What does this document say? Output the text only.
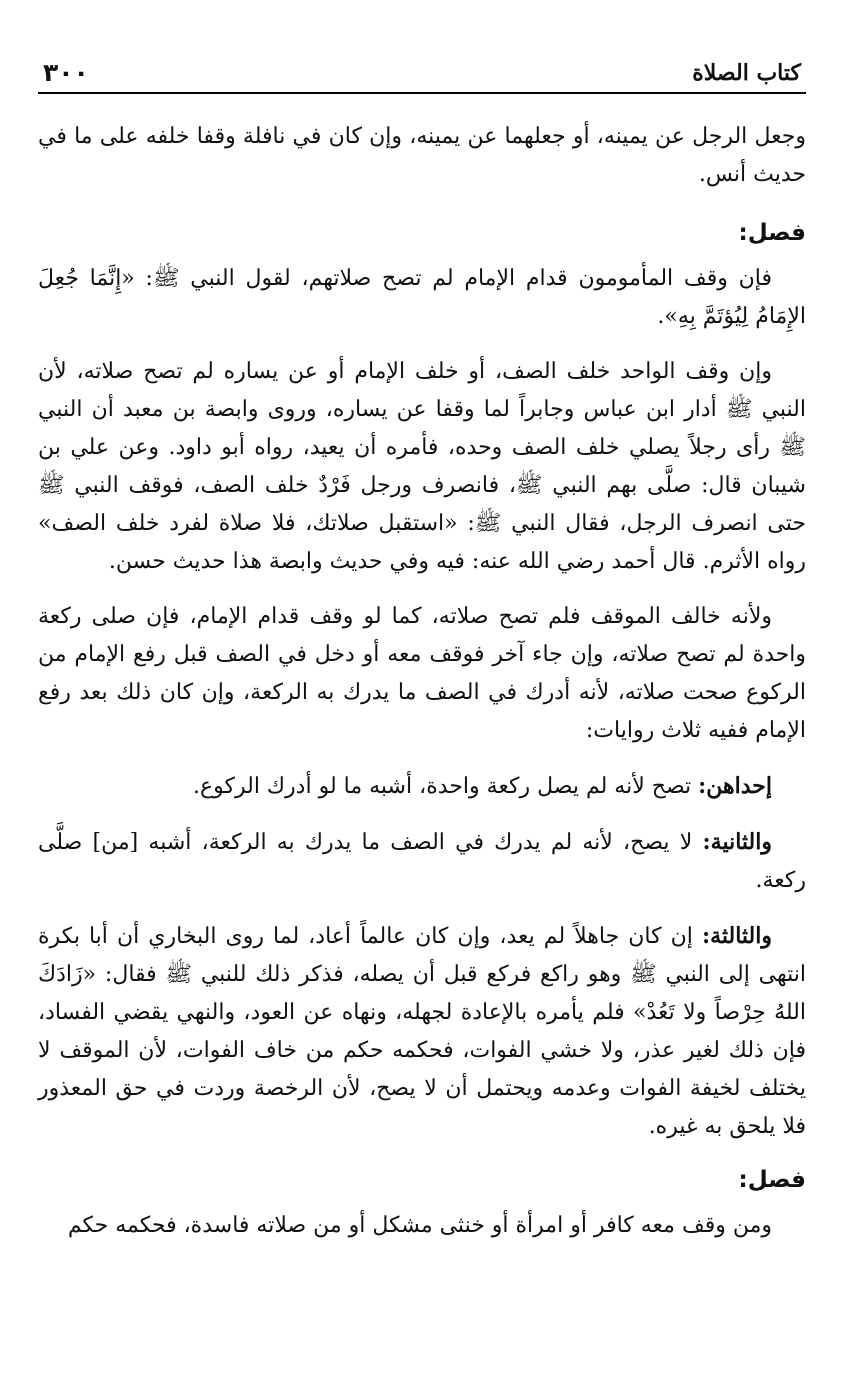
٣٠٠	كتاب الصلاة

وجعل الرجل عن يمينه، أو جعلهما عن يمينه، وإن كان في نافلة وقفا خلفه على ما في حديث أنس.

فصل:

فإن وقف المأمومون قدام الإمام لم تصح صلاتهم، لقول النبي ﷺ: «إِنَّمَا جُعِلَ الإِمَامُ لِيُؤتَمَّ بِهِ».

وإن وقف الواحد خلف الصف، أو خلف الإمام أو عن يساره لم تصح صلاته، لأن النبي ﷺ أدار ابن عباس وجابراً لما وقفا عن يساره، وروى وابصة بن معبد أن النبي ﷺ رأى رجلاً يصلي خلف الصف وحده، فأمره أن يعيد، رواه أبو داود. وعن علي بن شيبان قال: صلَّى بهم النبي ﷺ، فانصرف ورجل فَرْدٌ خلف الصف، فوقف النبي ﷺ حتى انصرف الرجل، فقال النبي ﷺ: «استقبل صلاتك، فلا صلاة لفرد خلف الصف» رواه الأثرم. قال أحمد رضي الله عنه: فيه وفي حديث وابصة هذا حديث حسن.

ولأنه خالف الموقف فلم تصح صلاته، كما لو وقف قدام الإمام، فإن صلى ركعة واحدة لم تصح صلاته، وإن جاء آخر فوقف معه أو دخل في الصف قبل رفع الإمام من الركوع صحت صلاته، لأنه أدرك في الصف ما يدرك به الركعة، وإن كان ذلك بعد رفع الإمام ففيه ثلاث روايات:

إحداهن: تصح لأنه لم يصل ركعة واحدة، أشبه ما لو أدرك الركوع.

والثانية: لا يصح، لأنه لم يدرك في الصف ما يدرك به الركعة، أشبه [من] صلَّى ركعة.

والثالثة: إن كان جاهلاً لم يعد، وإن كان عالماً أعاد، لما روى البخاري أن أبا بكرة انتهى إلى النبي ﷺ وهو راكع فركع قبل أن يصله، فذكر ذلك للنبي ﷺ فقال: «زَادَكَ اللهُ حِرْصاً ولا تَعُدْ» فلم يأمره بالإعادة لجهله، ونهاه عن العود، والنهي يقضي الفساد، فإن ذلك لغير عذر، ولا خشي الفوات، فحكمه حكم من خاف الفوات، لأن الموقف لا يختلف لخيفة الفوات وعدمه ويحتمل أن لا يصح، لأن الرخصة وردت في حق المعذور فلا يلحق به غيره.

فصل:

ومن وقف معه كافر أو امرأة أو خنثى مشكل أو من صلاته فاسدة، فحكمه حكم
